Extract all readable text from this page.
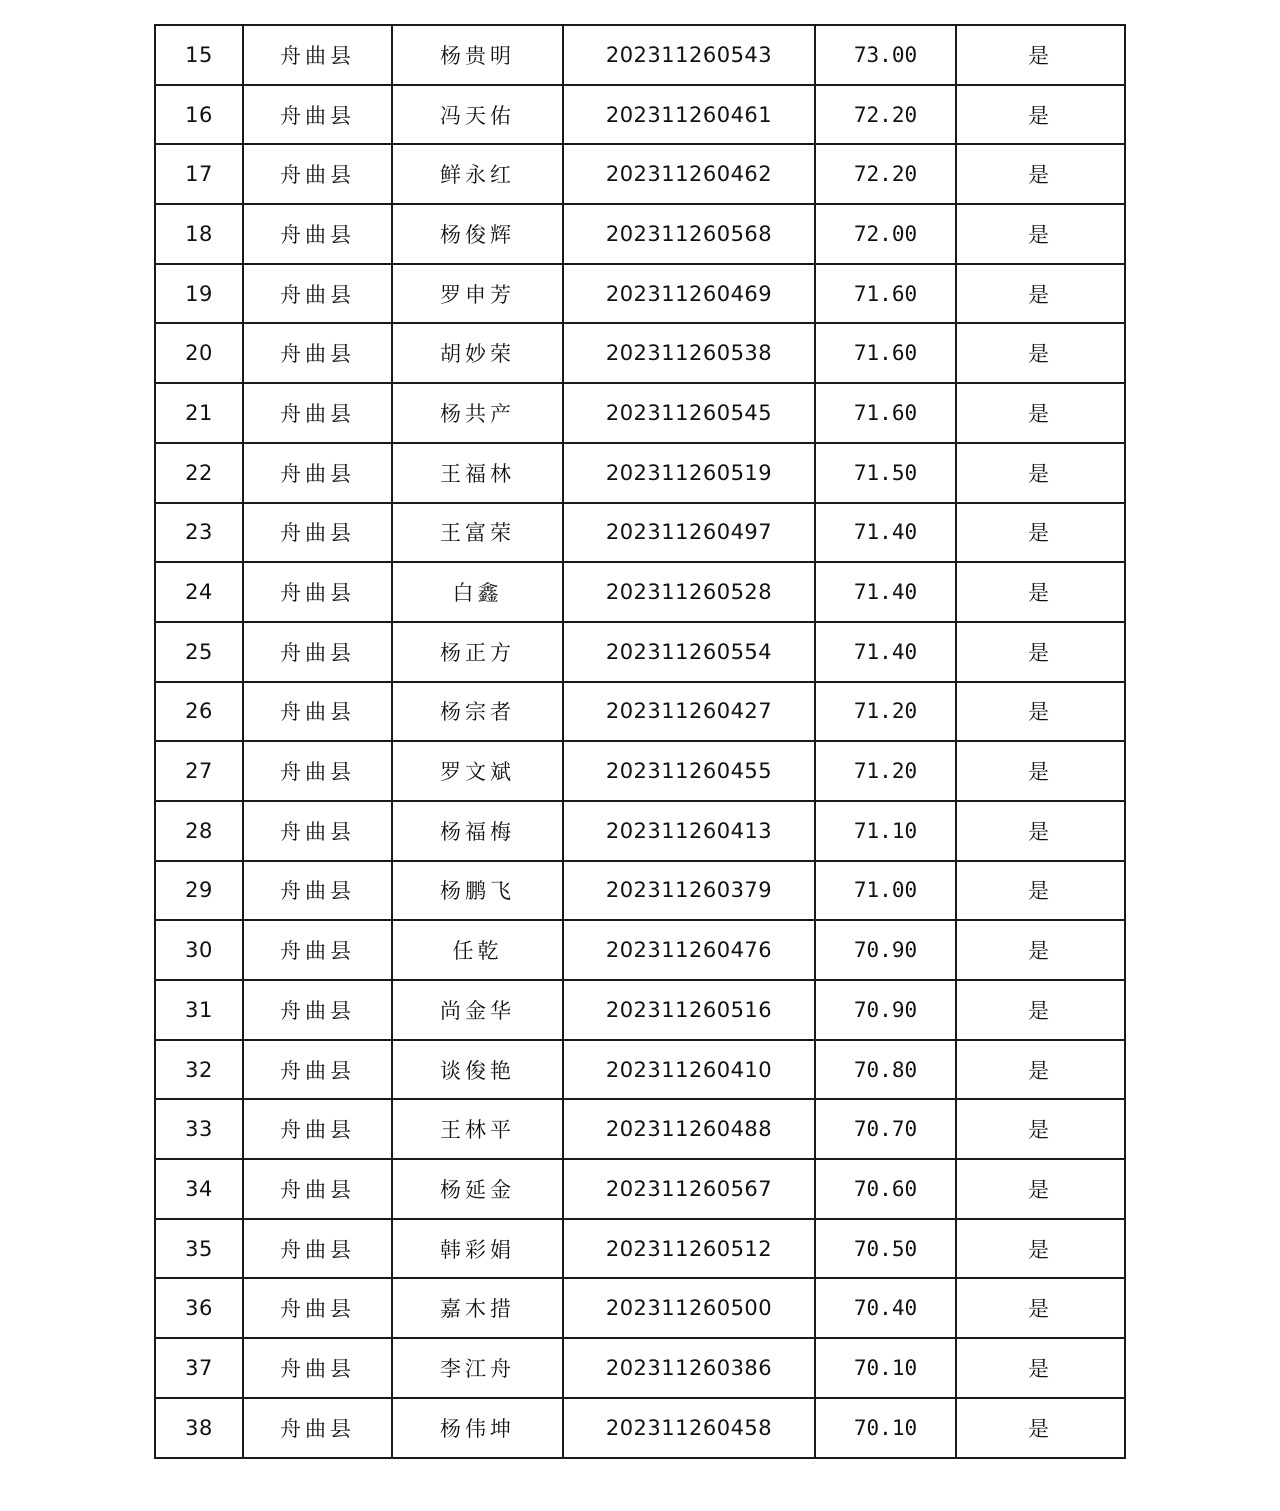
15	舟曲县	杨贵明	202311260543	73.00	是
16	舟曲县	冯天佑	202311260461	72.20	是
17	舟曲县	鲜永红	202311260462	72.20	是
18	舟曲县	杨俊辉	202311260568	72.00	是
19	舟曲县	罗申芳	202311260469	71.60	是
20	舟曲县	胡妙荣	202311260538	71.60	是
21	舟曲县	杨共产	202311260545	71.60	是
22	舟曲县	王福林	202311260519	71.50	是
23	舟曲县	王富荣	202311260497	71.40	是
24	舟曲县	白鑫	202311260528	71.40	是
25	舟曲县	杨正方	202311260554	71.40	是
26	舟曲县	杨宗者	202311260427	71.20	是
27	舟曲县	罗文斌	202311260455	71.20	是
28	舟曲县	杨福梅	202311260413	71.10	是
29	舟曲县	杨鹏飞	202311260379	71.00	是
30	舟曲县	任乾	202311260476	70.90	是
31	舟曲县	尚金华	202311260516	70.90	是
32	舟曲县	谈俊艳	202311260410	70.80	是
33	舟曲县	王林平	202311260488	70.70	是
34	舟曲县	杨延金	202311260567	70.60	是
35	舟曲县	韩彩娟	202311260512	70.50	是
36	舟曲县	嘉木措	202311260500	70.40	是
37	舟曲县	李江舟	202311260386	70.10	是
38	舟曲县	杨伟坤	202311260458	70.10	是
